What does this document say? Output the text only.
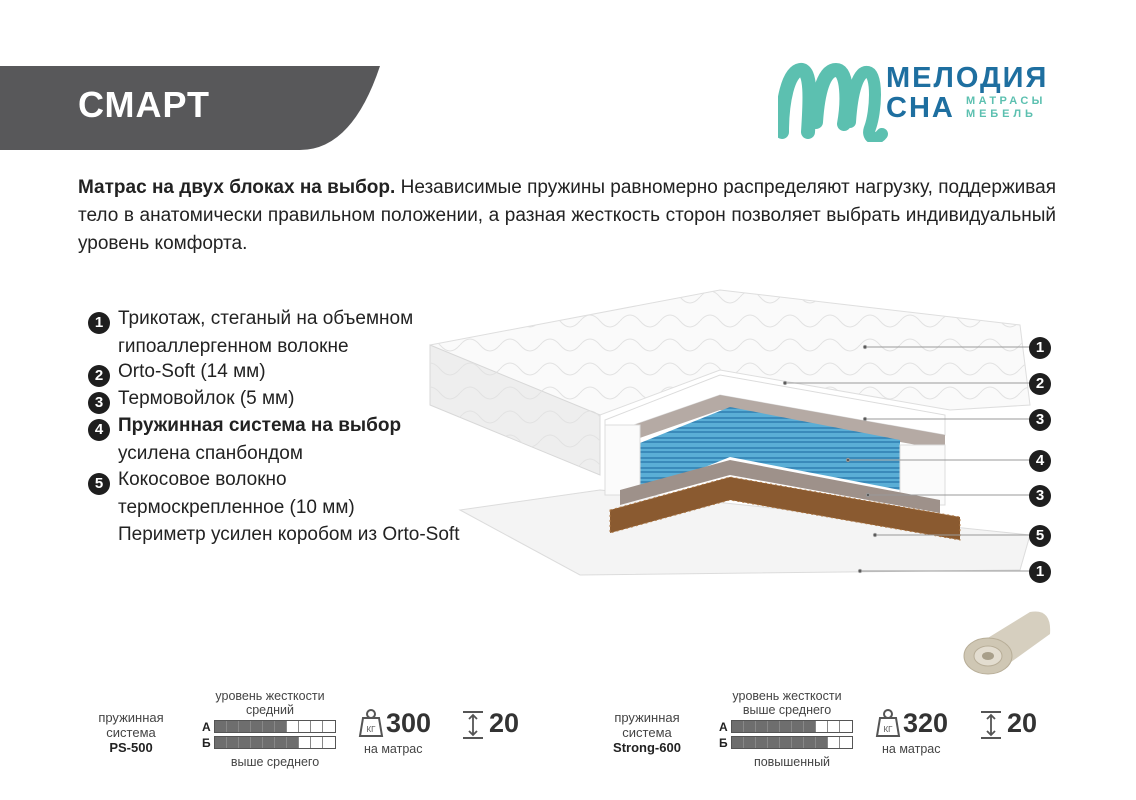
СМАРТ
МЕЛОДИЯ
СНА МАТРАСЫ
МЕБЕЛЬ
Матрас на двух блоках на выбор. Независимые пружины равномерно распределяют нагрузку, поддерживая тело в анатомически правильном положении, а разная жесткость сторон позволяет выбрать индивидуальный уровень комфорта.
1 Трикотаж, стеганый на объемном
гипоаллергенном волокне
2 Orto-Soft (14 мм)
3 Термовойлок (5 мм)
4 Пружинная система на выбор
усилена спанбондом
5 Кокосовое волокно
термоскрепленное (10 мм)
Периметр усилен коробом из Orto-Soft
1
2
3
4
3
5
1
пружинная
система
PS-500
уровень жесткости
средний
А
Б
выше среднего
КГ 300
на матрас
20	пружинная
система
Strong-600
уровень жесткости
выше среднего
А
Б
повышенный
КГ 320
на матрас
20
